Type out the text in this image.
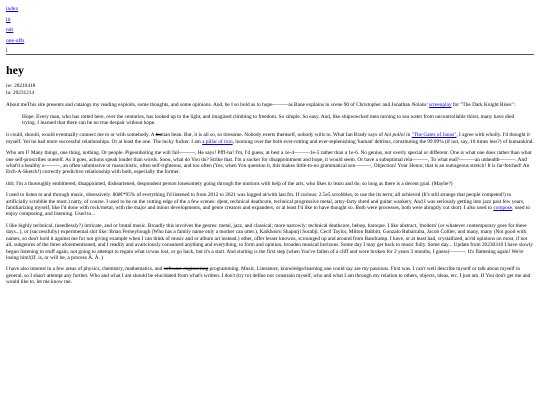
index
lit
ndr
one-offs
j
hey

iw: 20210418

lu: 20231214

About meThis site presents and catalogs my reading exploits, some thoughts, and some opinions. And, be I so bold as to hope———as Bane explains in scene 90 of Christopher and Jonathan Nolans' screenplay for "The Dark Knight Rises":

Hope. Every man, who has rotted here, over the centuries, has looked up to the light, and imagined climbing to freedom. So simple. So easy. And, like shipwrecked men turning to sea water from uncontrollable thirst, many have died trying. I learned that there can be no true despair without hope.

it could, should, would eventually connect me to or with somebody. A human bean. But, it is all so, so tiresome. Nobody exerts themself, nobody wills to. What Ian Brady says of hoi polloi in "The Gates of Janus", I agree with wholly. I'd thought it myself. Yet he had more successful relationships. Or at least the one. The lucky fucker. I am a pillar of iron, looming over the both ever-rotting and ever-replenishing 'human' detritus, constituting the 99.99% (if not, say, 10 times less?) of humankind.

Who am I? Many things, one thing, nothing. Or people. Pigeonholing me will fail———, He says! Pfff-ha! I'm, I'd guess, at best a 1e-4———1e-5 rather than a 1e-6. No genius, not overly special or different. One is what one does rather than what one self-proscribes oneself. As it goes, actions speak louder than words. Sooo, what do You do? Strike that. I'm a sucker for disappointment and hope, it would seem. Or have a suboptimal rela———, To what end?———an unhealth———. And what'd a healthy o———, an often submissive or masochistic, often self-righteous, and too often (Yes, when You question it, this makes little-to-no grammatical sen———, Objection! Your Honor, that is an outrageous stretch! It is far-fetched! An Etch-A-Sketch!) correctly predictive relationship with both, especially the former.

tldr; I'm a thoroughly embittered, disappointed, disheartened, despondent person lonesomely going through the motions with help of the arts, who likes to learn and do, so long as there is a decent goal. (Maybe?)

I used to listen to and through music, obsessively. 80ê€*95% of everything I'd listened to from 2012 to 2021 was logged at/with last.fm. If curious: 2.5e5 scrobbles, to use the its term; all achieved (It's still strange that people competed!) to artificially scrobble the most.) natty, of course. I used to be on the cutting edge of the a few scenes: djent, technical deathcore, technical progressive metal, artsy-farty shred and guitar wankery. And I was seriously getting into jazz past few years, familiarizing myself, like I'd done with rock/metal, with the major and minor developments, and genre creators and expanders, or at least I'd like to have thought so. Both were processes, both were abruptly cut short. I also used to compose, used to enjoy composing, and listening. Used to...

I like highly technical, (needlessly?) intricate, and or brutal music. Broadly this involves the genres: metal, jazz, and classical; more narrowly: technical deathcore, bebop, baroque. I like abstract, 'modern' (or whatever contemporary goes for these days...), or (successfully) experimental shit like: Brian Ferneyhough (Who has a family name only a mother can utter.), Kaikhosru Shapurji Sorabji, Cecil Taylor, Milton Babbitt, Gonzalo Rubalcaba, Jacob Collier, and many, many (Not good with names, so don't hold it against me for not giving example when I can think of music and or album art instead.) other, offer lesser knowns, scrounged up and around from Bandcamp. I have, or at least had, crystallized, acrid opinions on most, if not all, subgenres of the three aforementioned, and I readily and avariciously consumed anything and everything, to form and opinion, broaden musical horizons. Some day I may get back to music fully. Some day... Update from 20230310 I have slowly begun listening to stuff again, not going to attempt to regain what is/was lost, or go back, but it's a start. And starting is the first step (when You've fallen of a cliff and wore broken for 2 years 3 months, I guess)———. It's flattening again! We're losing him!(If. is, or will be, a process Â. Â. )

I have also interest in a few areas of physics, chemistry, mathematics, and software engineering programming. Music, Literature, knowledge/learning one could say are my passions. First was. I can't well describe myself or talk about myself in general, so I shan't attempt any further. Who and what I am should be elucidated from what's written. I don't (try to) define nor constrain myself, who and what I am through my relation to others, objects, ideas, etc. I just am. If You don't get me and would like to, let me know me.
